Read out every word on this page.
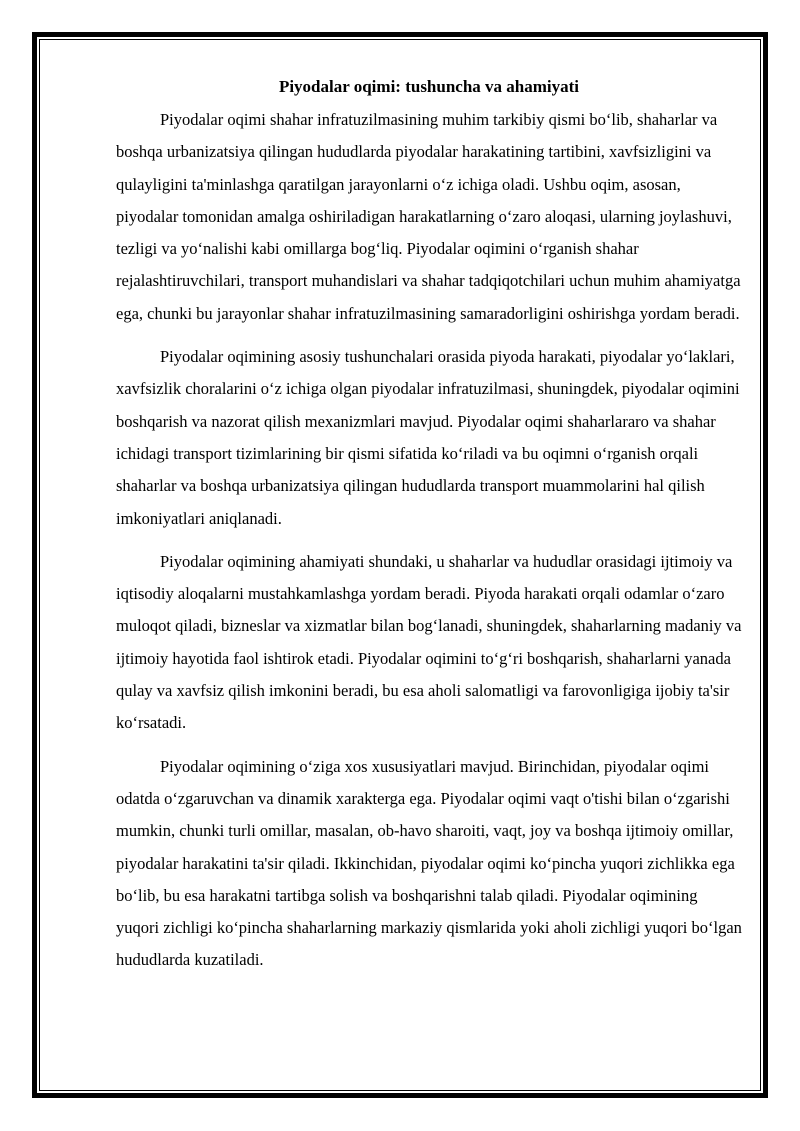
Piyodalar oqimi: tushuncha va ahamiyati

Piyodalar oqimi shahar infratuzilmasining muhim tarkibiy qismi bo‘lib, shaharlar va boshqa urbanizatsiya qilingan hududlarda piyodalar harakatining tartibini, xavfsizligini va qulayligini ta'minlashga qaratilgan jarayonlarni o‘z ichiga oladi. Ushbu oqim, asosan, piyodalar tomonidan amalga oshiriladigan harakatlarning o‘zaro aloqasi, ularning joylashuvi, tezligi va yo‘nalishi kabi omillarga bog‘liq. Piyodalar oqimini o‘rganish shahar rejalashtiruvchilari, transport muhandislari va shahar tadqiqotchilari uchun muhim ahamiyatga ega, chunki bu jarayonlar shahar infratuzilmasining samaradorligini oshirishga yordam beradi.

Piyodalar oqimining asosiy tushunchalari orasida piyoda harakati, piyodalar yo‘laklari, xavfsizlik choralarini o‘z ichiga olgan piyodalar infratuzilmasi, shuningdek, piyodalar oqimini boshqarish va nazorat qilish mexanizmlari mavjud. Piyodalar oqimi shaharlararo va shahar ichidagi transport tizimlarining bir qismi sifatida ko‘riladi va bu oqimni o‘rganish orqali shaharlar va boshqa urbanizatsiya qilingan hududlarda transport muammolarini hal qilish imkoniyatlari aniqlanadi.

Piyodalar oqimining ahamiyati shundaki, u shaharlar va hududlar orasidagi ijtimoiy va iqtisodiy aloqalarni mustahkamlashga yordam beradi. Piyoda harakati orqali odamlar o‘zaro muloqot qiladi, bizneslar va xizmatlar bilan bog‘lanadi, shuningdek, shaharlarning madaniy va ijtimoiy hayotida faol ishtirok etadi. Piyodalar oqimini to‘g‘ri boshqarish, shaharlarni yanada qulay va xavfsiz qilish imkonini beradi, bu esa aholi salomatligi va farovonligiga ijobiy ta'sir ko‘rsatadi.

Piyodalar oqimining o‘ziga xos xususiyatlari mavjud. Birinchidan, piyodalar oqimi odatda o‘zgaruvchan va dinamik xarakterga ega. Piyodalar oqimi vaqt o'tishi bilan o‘zgarishi mumkin, chunki turli omillar, masalan, ob-havo sharoiti, vaqt, joy va boshqa ijtimoiy omillar, piyodalar harakatini ta'sir qiladi. Ikkinchidan, piyodalar oqimi ko‘pincha yuqori zichlikka ega bo‘lib, bu esa harakatni tartibga solish va boshqarishni talab qiladi. Piyodalar oqimining yuqori zichligi ko‘pincha shaharlarning markaziy qismlarida yoki aholi zichligi yuqori bo‘lgan hududlarda kuzatiladi.
